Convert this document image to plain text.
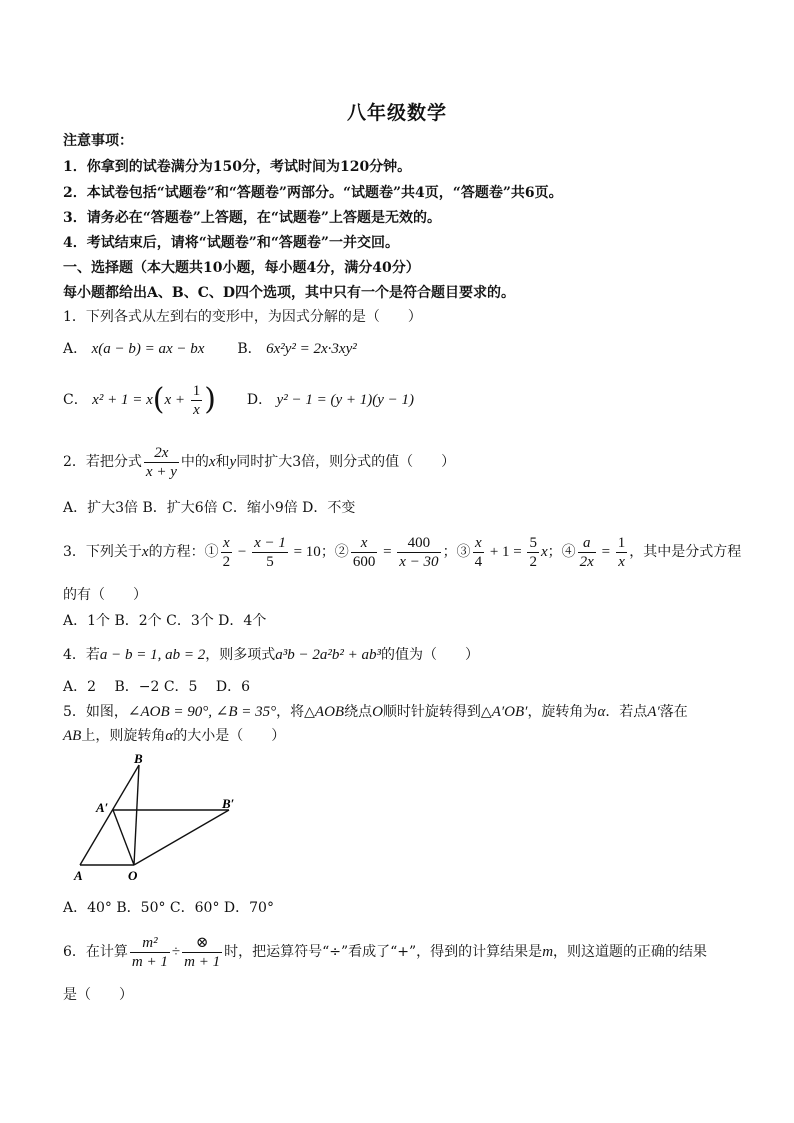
八年级数学
注意事项：
1．你拿到的试卷满分为150分，考试时间为120分钟。
2．本试卷包括“试题卷”和“答题卷”两部分。“试题卷”共4页，“答题卷”共6页。
3．请务必在“答题卷”上答题，在“试题卷”上答题是无效的。
4．考试结束后，请将“试题卷”和“答题卷”一并交回。
一、选择题（本大题共10小题，每小题4分，满分40分）
每小题都给出A、B、C、D四个选项，其中只有一个是符合题目要求的。
1．下列各式从左到右的变形中，为因式分解的是（　　）
A． x(a − b) = ax − bx B． 6x²y² = 2x·3xy²
C． $x^2 + 1 = x(x + \frac{1}{x}$ ) D． y² − 1 = (y + 1)(y − 1)
2．若把分式 $\frac{2x}{x + y}$ 中的x和y同时扩大3倍，则分式的值（　　）
A．扩大3倍 B．扩大6倍 C．缩小9倍 D．不变
3．下列关于x的方程：① $\frac{x}{2} - \frac{x - 1}{5} = 10$；② $\frac{x}{600} = \frac{400}{x - 30}$ ；③ $\frac{x}{4} + 1 = \frac{5}{2}$ x；④ $\frac{a}{2x} = \frac{1}{x}$ ，其中是分式方程
的有（　　）
A．1个 B．2个 C．3个 D．4个
4．若a − b = 1, ab = 2，则多项式a³b − 2a²b² + ab³的值为（　　）
A．2　 B．−2 C．5　 D．6
5．如图，∠AOB = 90°, ∠B = 35°，将△AOB绕点O顺时针旋转得到△A′OB′，旋转角为α．若点A′落在
AB上，则旋转角α的大小是（　　）
B
A′	B′
A	O
A．40° B．50° C．60° D．70°
6．在计算 $\frac{\text{m²}}{m + 1} \div \frac{\otimes}{m + 1}$ 时，把运算符号“÷”看成了“+”，得到的计算结果是m，则这道题的正确的结果
是（　　）
